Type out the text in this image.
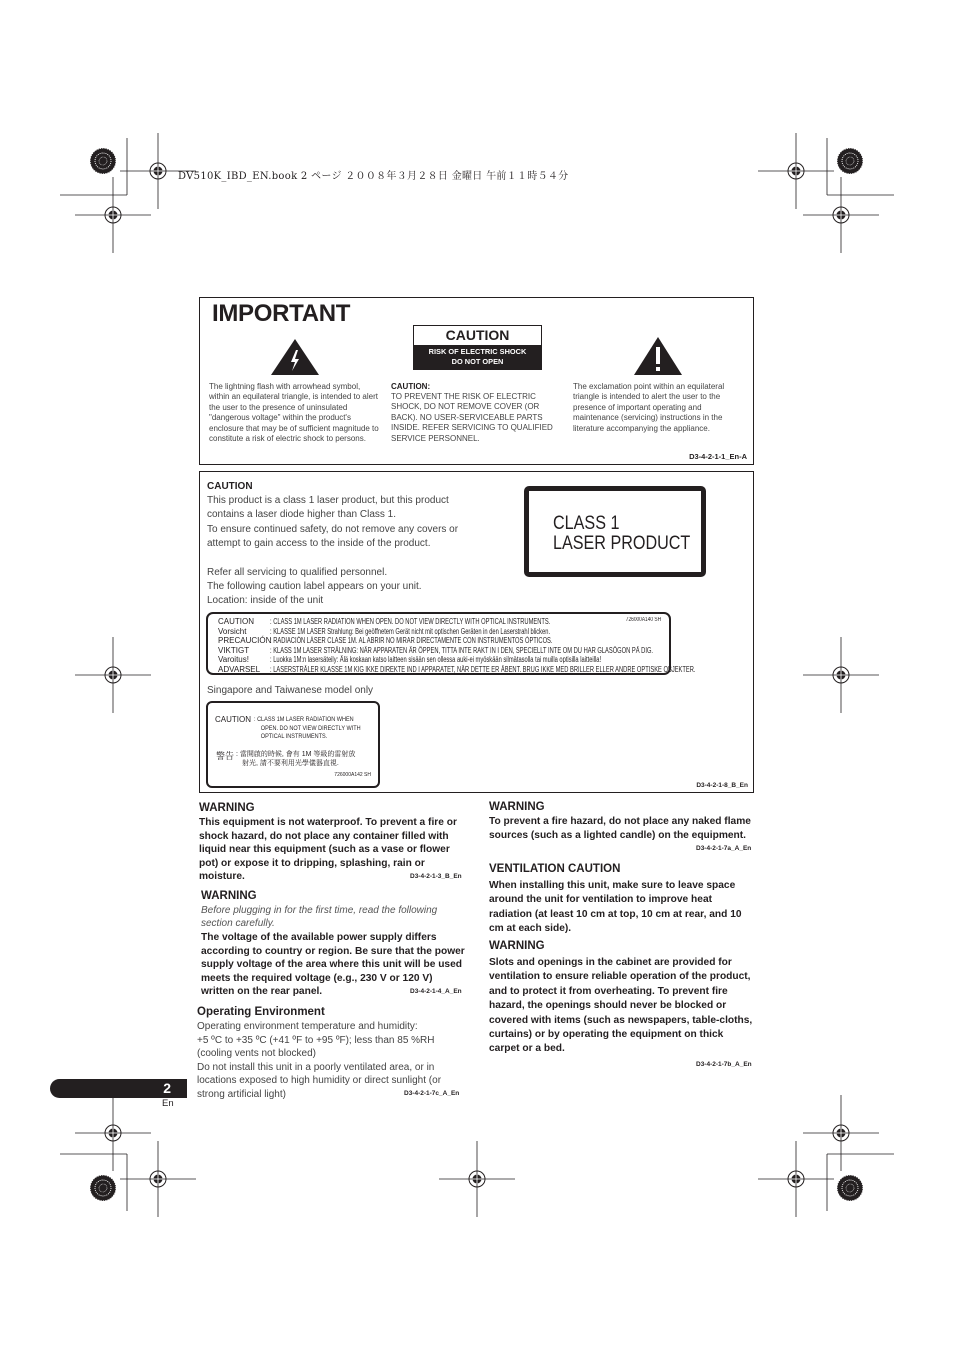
DV510K_IBD_EN.book 2 ページ ２００８年３月２８日 金曜日 午前１１時５４分
IMPORTANT
CAUTION
RISK OF ELECTRIC SHOCK
DO NOT OPEN
The lightning flash with arrowhead symbol, within an equilateral triangle, is intended to alert the user to the presence of uninsulated "dangerous voltage" within the product's enclosure that may be of sufficient magnitude to constitute a risk of electric shock to persons.
CAUTION:
TO PREVENT THE RISK OF ELECTRIC SHOCK, DO NOT REMOVE COVER (OR BACK). NO USER-SERVICEABLE PARTS INSIDE. REFER SERVICING TO QUALIFIED SERVICE PERSONNEL.
The exclamation point within an equilateral triangle is intended to alert the user to the presence of important operating and maintenance (servicing) instructions in the literature accompanying the appliance.
D3-4-2-1-1_En-A
CAUTION
This product is a class 1 laser product, but this product contains a laser diode higher than Class 1.
To ensure continued safety, do not remove any covers or attempt to gain access to the inside of the product.
Refer all servicing to qualified personnel.
The following caution label appears on your unit.
Location: inside of the unit
CLASS 1
LASER PRODUCT
726000A140 SH
CAUTION : CLASS 1M LASER RADIATION WHEN OPEN. DO NOT VIEW DIRECTLY WITH OPTICAL INSTRUMENTS.
Vorsicht	: KLASSE 1M LASER Strahlung: Bei geöffnetem Gerät nicht mit optischen Geräten in den Laserstrahl blicken.
PRECAUCIÓN: RADIACIÓN LÁSER CLASE 1M. AL ABRIR NO MIRAR DIRECTAMENTE CON INSTRUMENTOS ÓPTICOS.
VIKTIGT	: KLASS 1M LASER STRÅLNING: NÄR APPARATEN ÄR ÖPPEN, TITTA INTE RAKT IN I DEN, SPECIELLT INTE OM DU HAR GLASÖGON PÅ DIG.
Varoitus!	: Luokka 1M:n lasersäteily: Älä koskaan katso laitteen sisään sen ollessa auki-ei myöskään silmätasolla tai muilla optisilla laitteilla!
ADVARSEL : LASERSTRÅLER KLASSE 1M KIG IKKE DIREKTE IND I APPARATET, NÅR DETTE ER ÅBENT. BRUG IKKE MED BRILLER ELLER ANDRE OPTISKE OBJEKTER.
Singapore and Taiwanese model only
CAUTION : CLASS 1M LASER RADIATION WHEN
OPEN. DO NOT VIEW DIRECTLY WITH
OPTICAL INSTRUMENTS.
警告 : 當開啟的時候, 會有 1M 等級的雷射放
射光, 請不要利用光學儀器直視.
726000A142 SH
D3-4-2-1-8_B_En
WARNING
This equipment is not waterproof. To prevent a fire or shock hazard, do not place any container filled with liquid near this equipment (such as a vase or flower pot) or expose it to dripping, splashing, rain or moisture.	D3-4-2-1-3_B_En
WARNING
Before plugging in for the first time, read the following section carefully.
The voltage of the available power supply differs according to country or region. Be sure that the power supply voltage of the area where this unit will be used meets the required voltage (e.g., 230 V or 120 V) written on the rear panel.	D3-4-2-1-4_A_En
Operating Environment
Operating environment temperature and humidity:
+5 ºC to +35 ºC (+41 ºF to +95 ºF); less than 85 %RH (cooling vents not blocked)
Do not install this unit in a poorly ventilated area, or in locations exposed to high humidity or direct sunlight (or strong artificial light)	D3-4-2-1-7c_A_En
WARNING
To prevent a fire hazard, do not place any naked flame sources (such as a lighted candle) on the equipment.
D3-4-2-1-7a_A_En
VENTILATION CAUTION
When installing this unit, make sure to leave space around the unit for ventilation to improve heat radiation (at least 10 cm at top, 10 cm at rear, and 10 cm at each side).
WARNING
Slots and openings in the cabinet are provided for ventilation to ensure reliable operation of the product, and to protect it from overheating. To prevent fire hazard, the openings should never be blocked or covered with items (such as newspapers, table-cloths, curtains) or by operating the equipment on thick carpet or a bed.
D3-4-2-1-7b_A_En
2
En
